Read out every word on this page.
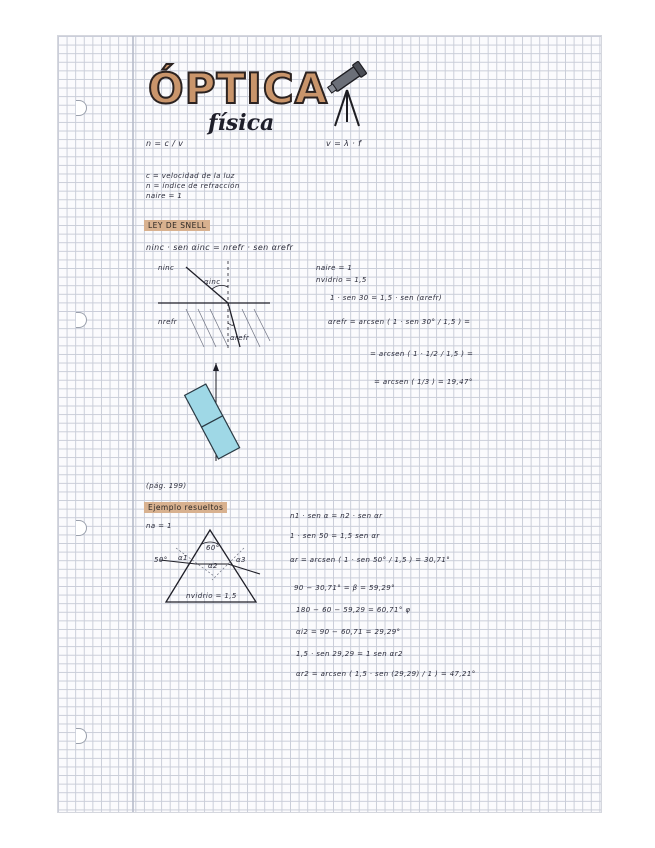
ÓPTICA
física
n = c / v	v = λ · f
c = velocidad de la luz
n = índice de refracción
naire = 1
LEY DE SNELL
ninc · sen αinc = nrefr · sen αrefr
ninc
αinc
nrefr
αrefr
naire = 1
nvidrio = 1,5
1 · sen 30 = 1,5 · sen (αrefr)
αrefr = arcsen ( 1 · sen 30° / 1,5 ) =
= arcsen ( 1 · 1/2 / 1,5 ) =
= arcsen ( 1/3 ) = 19,47°
(pág. 199)
Ejemplo resueltos
na = 1
50°
60°
α1
α2
α3
nvidrio = 1,5
n1 · sen α = n2 · sen αr
1 · sen 50 = 1,5 sen αr
αr = arcsen ( 1 · sen 50° / 1,5 ) = 30,71°
90 − 30,71° = β = 59,29°
180 − 60 − 59,29 = 60,71° φ
αi2 = 90 − 60,71 = 29,29°
1,5 · sen 29,29 = 1 sen αr2
αr2 = arcsen ( 1,5 · sen (29,29) / 1 ) = 47,21°
